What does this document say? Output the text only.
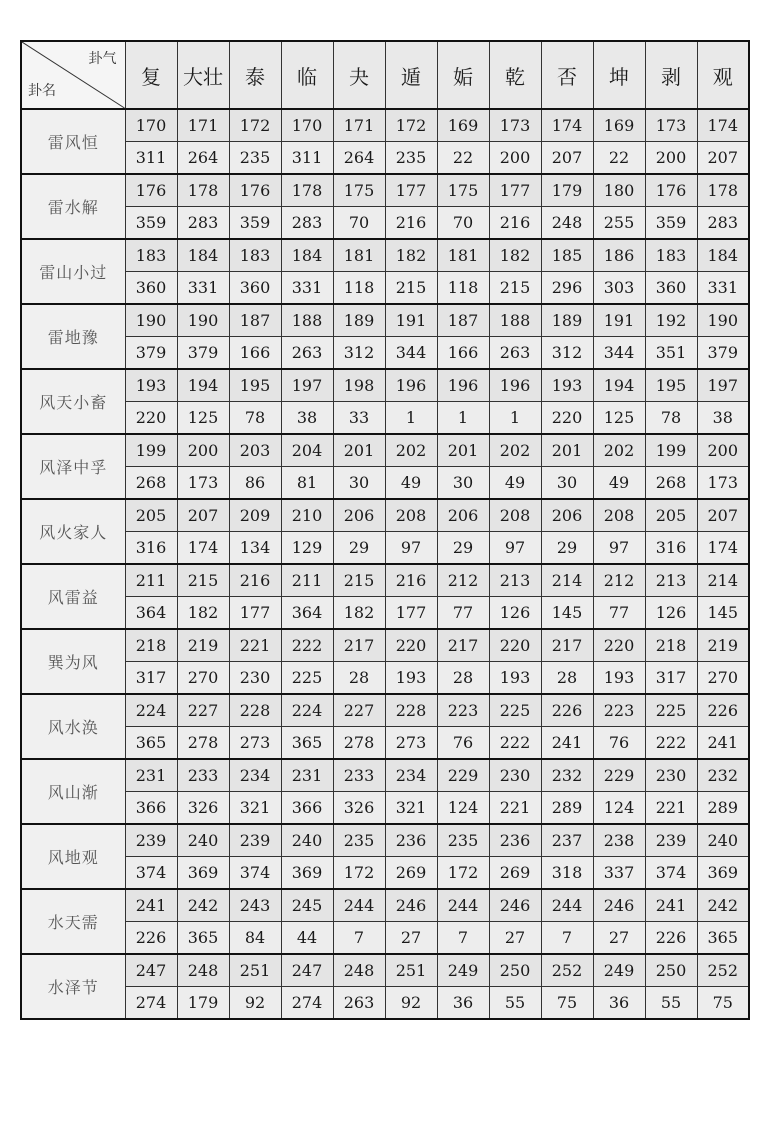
卦气
卦名	复	大壮	泰	临	夬	遁	姤	乾	否	坤	剥	观
雷风恒	170	171	172	170	171	172	169	173	174	169	173	174
	311	264	235	311	264	235	22	200	207	22	200	207
雷水解	176	178	176	178	175	177	175	177	179	180	176	178
	359	283	359	283	70	216	70	216	248	255	359	283
雷山小过	183	184	183	184	181	182	181	182	185	186	183	184
	360	331	360	331	118	215	118	215	296	303	360	331
雷地豫	190	190	187	188	189	191	187	188	189	191	192	190
	379	379	166	263	312	344	166	263	312	344	351	379
风天小畜	193	194	195	197	198	196	196	196	193	194	195	197
	220	125	78	38	33	1	1	1	220	125	78	38
风泽中孚	199	200	203	204	201	202	201	202	201	202	199	200
	268	173	86	81	30	49	30	49	30	49	268	173
风火家人	205	207	209	210	206	208	206	208	206	208	205	207
	316	174	134	129	29	97	29	97	29	97	316	174
风雷益	211	215	216	211	215	216	212	213	214	212	213	214
	364	182	177	364	182	177	77	126	145	77	126	145
巽为风	218	219	221	222	217	220	217	220	217	220	218	219
	317	270	230	225	28	193	28	193	28	193	317	270
风水涣	224	227	228	224	227	228	223	225	226	223	225	226
	365	278	273	365	278	273	76	222	241	76	222	241
风山渐	231	233	234	231	233	234	229	230	232	229	230	232
	366	326	321	366	326	321	124	221	289	124	221	289
风地观	239	240	239	240	235	236	235	236	237	238	239	240
	374	369	374	369	172	269	172	269	318	337	374	369
水天需	241	242	243	245	244	246	244	246	244	246	241	242
	226	365	84	44	7	27	7	27	7	27	226	365
水泽节	247	248	251	247	248	251	249	250	252	249	250	252
	274	179	92	274	263	92	36	55	75	36	55	75
